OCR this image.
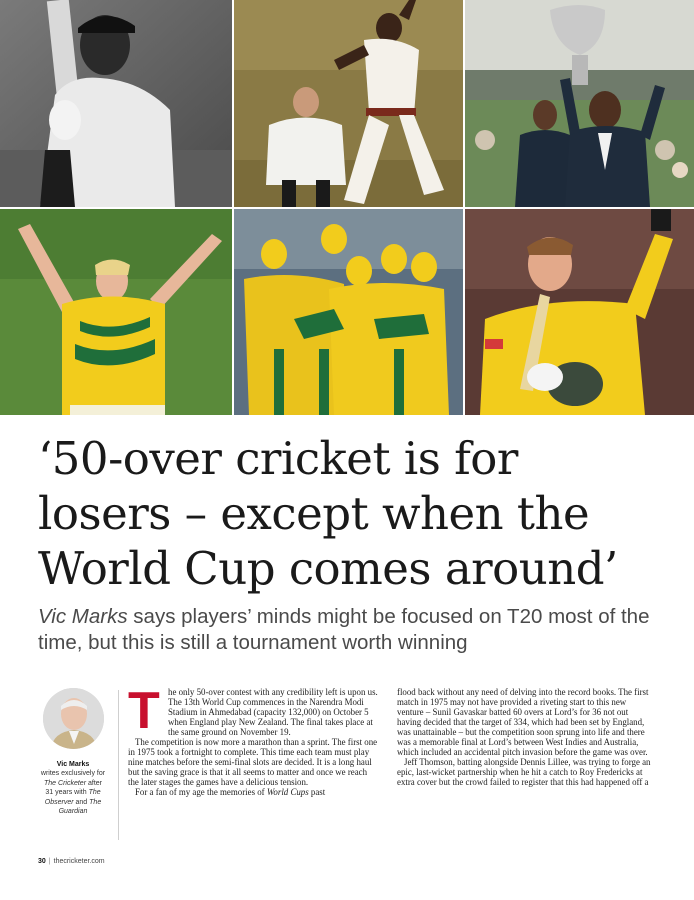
‘50-over cricket is for
losers – except when the
World Cup comes around’

Vic Marks says players’ minds might be focused on T20 most of the time, but this is still a tournament worth winning

Vic Marks
writes exclusively for The Cricketer after 31 years with The Observer and The Guardian

T he only 50-over contest with any credibility left is upon us. The 13th World Cup commences in the Narendra Modi Stadium in Ahmedabad (capacity 132,000) on October 5 when England play New Zealand. The final takes place at the same ground on November 19.

The competition is now more a marathon than a sprint. The first one in 1975 took a fortnight to complete. This time each team must play nine matches before the semi-final slots are decided. It is a long haul but the saving grace is that it all seems to matter and once we reach the later stages the games have a delicious tension.

For a fan of my age the memories of World Cups past

flood back without any need of delving into the record books. The first match in 1975 may not have provided a riveting start to this new venture – Sunil Gavaskar batted 60 overs at Lord’s for 36 not out having decided that the target of 334, which had been set by England, was unattainable – but the competition soon sprung into life and there was a memorable final at Lord’s between West Indies and Australia, which included an accidental pitch invasion before the game was over.

Jeff Thomson, batting alongside Dennis Lillee, was trying to forge an epic, last-wicket partnership when he hit a catch to Roy Fredericks at extra cover but the crowd failed to register that this had happened off a

30 | thecricketer.com
